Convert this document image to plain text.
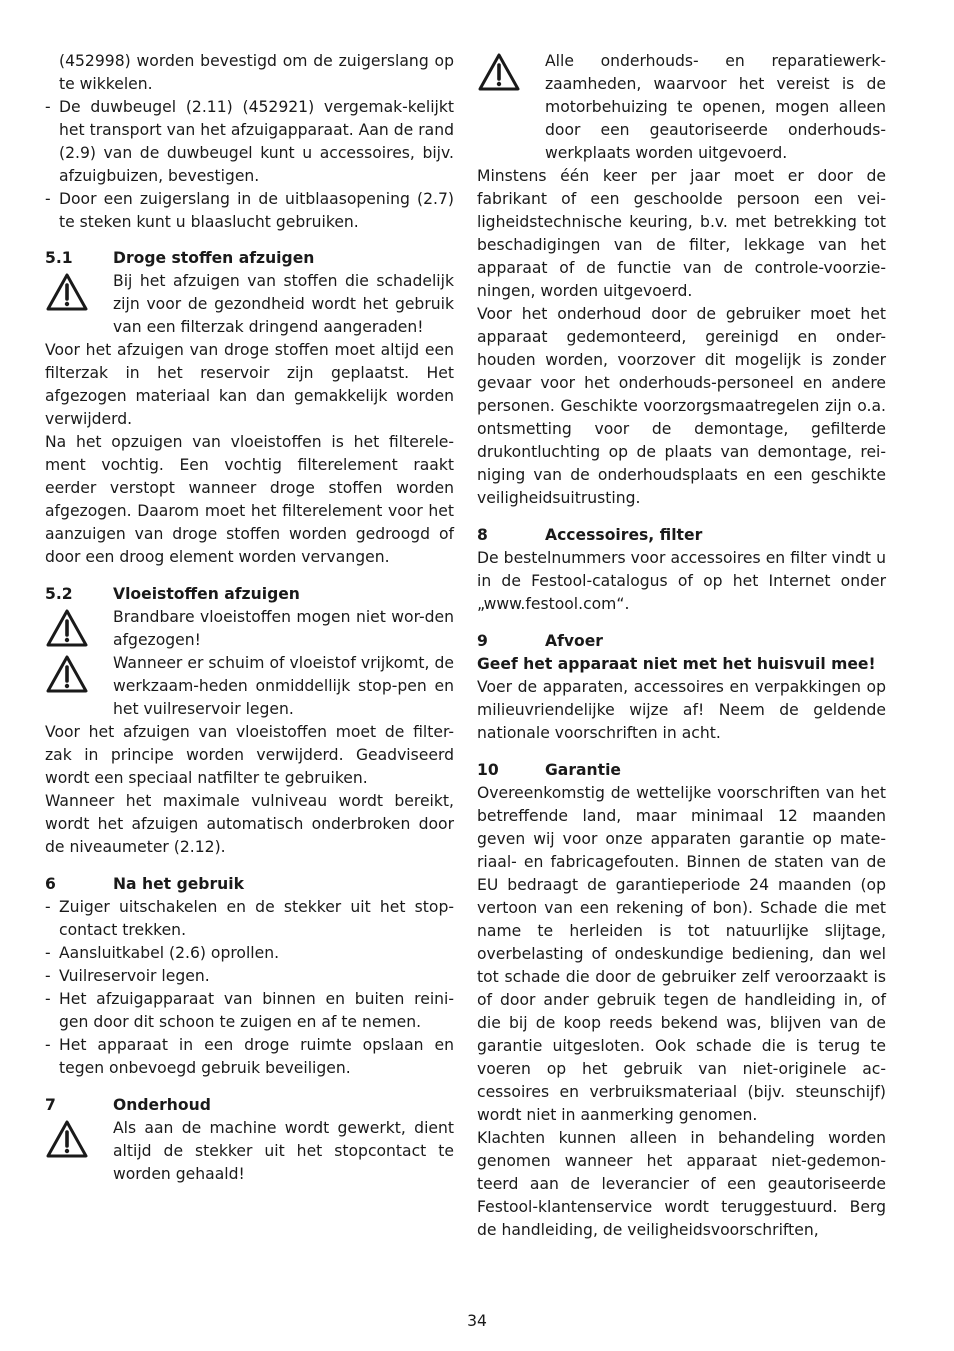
(452998) worden bevestigd om de zuigerslang op te wikkelen.

- De duwbeugel (2.11) (452921) vergemak-kelijkt het transport van het afzuigapparaat. Aan de rand (2.9) van de duwbeugel kunt u accessoires, bijv. afzuigbuizen, bevestigen.
- Door een zuigerslang in de uitblaasopening (2.7) te steken kunt u blaaslucht gebruiken.
5.1	Droge stoffen afzuigen
Bij het afzuigen van stoffen die schadelijk zijn voor de gezondheid wordt het gebruik van een filterzak dringend aangeraden!

Voor het afzuigen van droge stoffen moet altijd een filterzak in het reservoir zijn geplaatst. Het afgezogen materiaal kan dan gemakkelijk worden verwijderd.

Na het opzuigen van vloeistoffen is het filterele-ment vochtig. Een vochtig filterelement raakt eerder verstopt wanneer droge stoffen worden afgezogen. Daarom moet het filterelement voor het aanzuigen van droge stoffen worden gedroogd of door een droog element worden vervangen.

5.2	Vloeistoffen afzuigen
Brandbare vloeistoffen mogen niet wor-den afgezogen!
Wanneer er schuim of vloeistof vrijkomt, de werkzaam-heden onmiddellijk stop-pen en het vuilreservoir legen.

Voor het afzuigen van vloeistoffen moet de filter-zak in principe worden verwijderd. Geadviseerd wordt een speciaal natfilter te gebruiken.

Wanneer het maximale vulniveau wordt bereikt, wordt het afzuigen automatisch onderbroken door de niveaumeter (2.12).

6	Na het gebruik
- Zuiger uitschakelen en de stekker uit het stop-contact trekken.
- Aansluitkabel (2.6) oprollen.
- Vuilreservoir legen.
- Het afzuigapparaat van binnen en buiten reini-gen door dit schoon te zuigen en af te nemen.
- Het apparaat in een droge ruimte opslaan en tegen onbevoegd gebruik beveiligen.
7	Onderhoud
Als aan de machine wordt gewerkt, dient altijd de stekker uit het stopcontact te worden gehaald!
Alle onderhouds- en reparatiewerk-zaamheden, waarvoor het vereist is de motorbehuizing te openen, mogen alleen door een geautoriseerde onderhouds-werkplaats worden uitgevoerd.

Minstens één keer per jaar moet er door de fabrikant of een geschoolde persoon een vei-ligheidstechnische keuring, b.v. met betrekking tot beschadigingen van de filter, lekkage van het apparaat of de functie van de controle-voorzie-ningen, worden uitgevoerd.

Voor het onderhoud door de gebruiker moet het apparaat gedemonteerd, gereinigd en onder-houden worden, voorzover dit mogelijk is zonder gevaar voor het onderhouds-personeel en andere personen. Geschikte voorzorgsmaatregelen zijn o.a. ontsmetting voor de demontage, gefilterde drukontluchting op de plaats van demontage, rei-niging van de onderhoudsplaats en een geschikte veiligheidsuitrusting.

8	Accessoires, filter

De bestelnummers voor accessoires en filter vindt u in de Festool-catalogus of op het Internet onder „www.festool.com“.

9	Afvoer

Geef het apparaat niet met het huisvuil mee!

Voer de apparaten, accessoires en verpakkingen op milieuvriendelijke wijze af! Neem de geldende nationale voorschriften in acht.

10	Garantie

Overeenkomstig de wettelijke voorschriften van het betreffende land, maar minimaal 12 maanden geven wij voor onze apparaten garantie op mate-riaal- en fabricagefouten. Binnen de staten van de EU bedraagt de garantieperiode 24 maanden (op vertoon van een rekening of bon). Schade die met name te herleiden is tot natuurlijke slijtage, overbelasting of ondeskundige bediening, dan wel tot schade die door de gebruiker zelf veroorzaakt is of door ander gebruik tegen de handleiding in, of die bij de koop reeds bekend was, blijven van de garantie uitgesloten. Ook schade die is terug te voeren op het gebruik van niet-originele ac-cessoires en verbruiksmateriaal (bijv. steunschijf) wordt niet in aanmerking genomen.

Klachten kunnen alleen in behandeling worden genomen wanneer het apparaat niet-gedemon-teerd aan de leverancier of een geautoriseerde Festool-klantenservice wordt teruggestuurd. Berg de handleiding, de veiligheidsvoorschriften,

34
